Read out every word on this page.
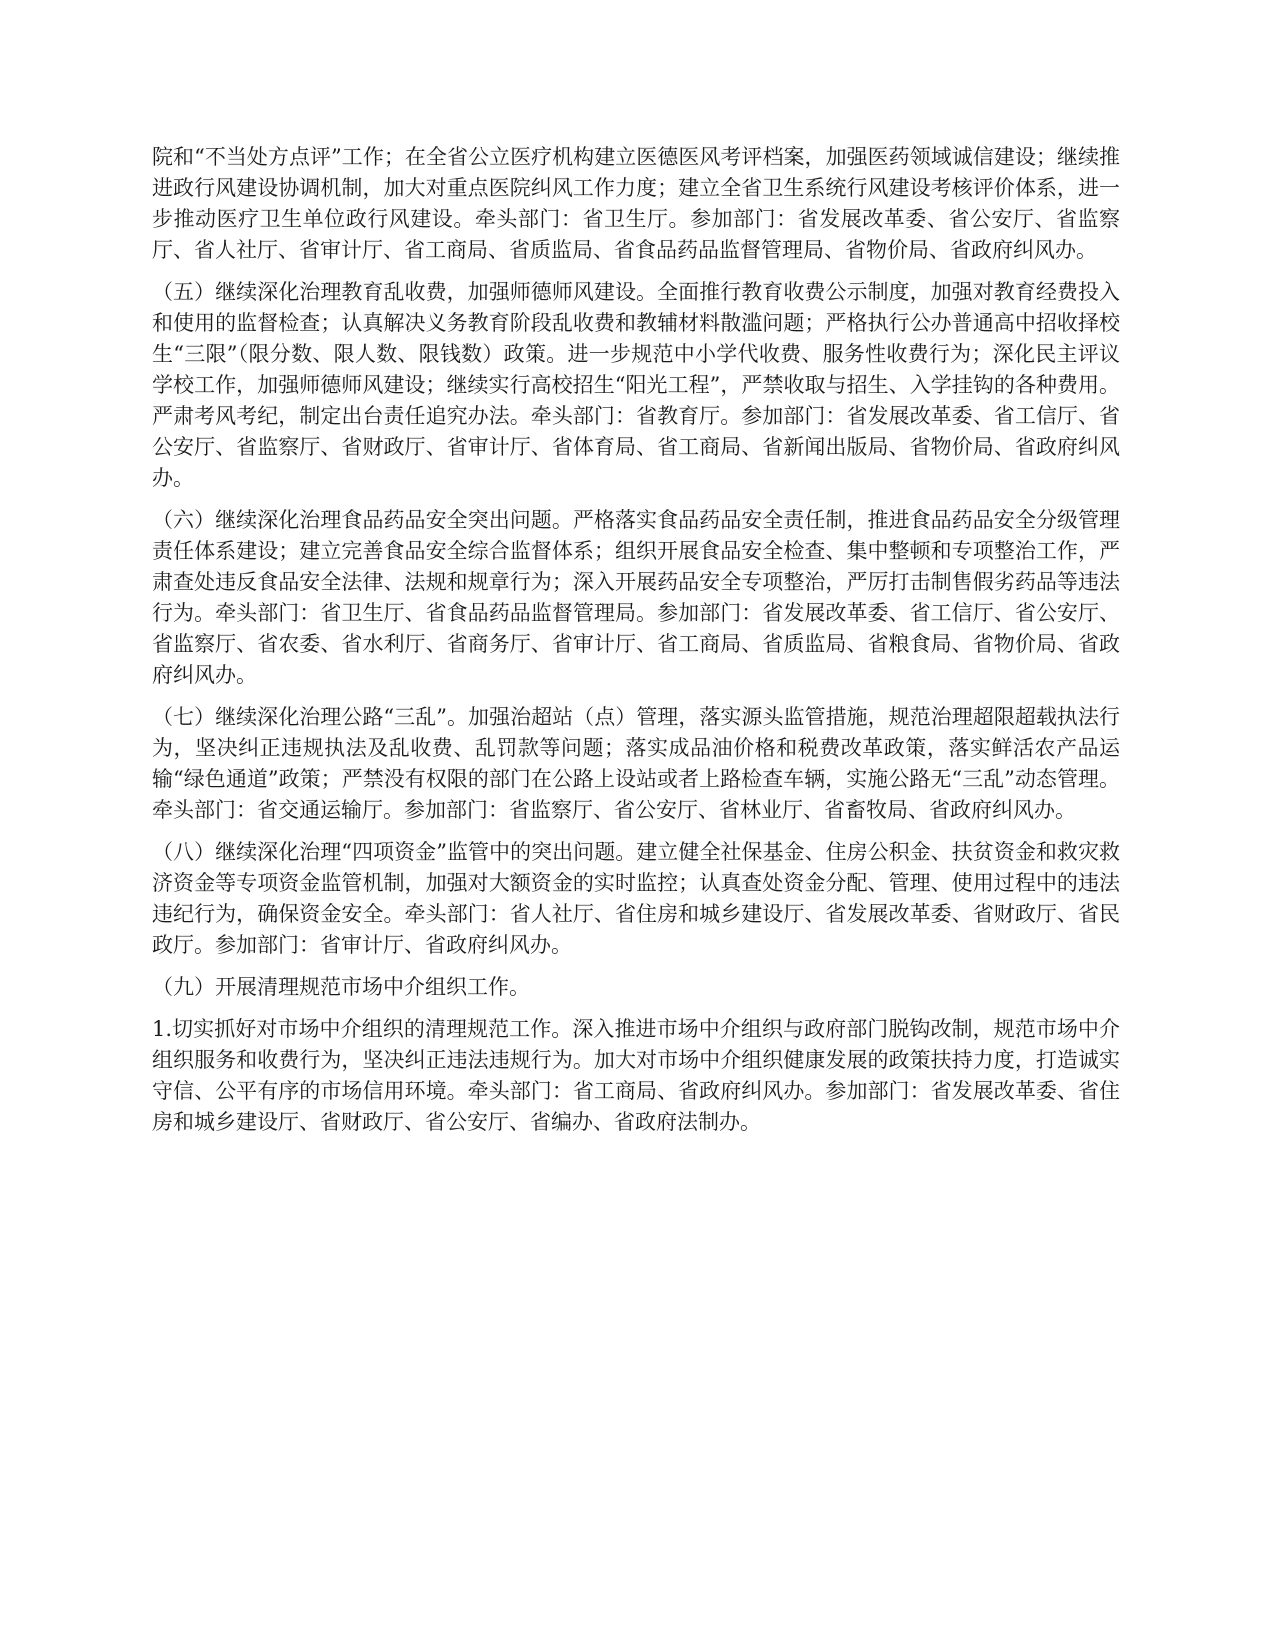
院和“不当处方点评”工作；在全省公立医疗机构建立医德医风考评档案，加强医药领域诚信建设；继续推进政行风建设协调机制，加大对重点医院纠风工作力度；建立全省卫生系统行风建设考核评价体系，进一步推动医疗卫生单位政行风建设。牵头部门：省卫生厅。参加部门：省发展改革委、省公安厅、省监察厅、省人社厅、省审计厅、省工商局、省质监局、省食品药品监督管理局、省物价局、省政府纠风办。

（五）继续深化治理教育乱收费，加强师德师风建设。全面推行教育收费公示制度，加强对教育经费投入和使用的监督检查；认真解决义务教育阶段乱收费和教辅材料散滥问题；严格执行公办普通高中招收择校生“三限”（限分数、限人数、限钱数）政策。进一步规范中小学代收费、服务性收费行为；深化民主评议学校工作，加强师德师风建设；继续实行高校招生“阳光工程”，严禁收取与招生、入学挂钩的各种费用。严肃考风考纪，制定出台责任追究办法。牵头部门：省教育厅。参加部门：省发展改革委、省工信厅、省公安厅、省监察厅、省财政厅、省审计厅、省体育局、省工商局、省新闻出版局、省物价局、省政府纠风办。

（六）继续深化治理食品药品安全突出问题。严格落实食品药品安全责任制，推进食品药品安全分级管理责任体系建设；建立完善食品安全综合监督体系；组织开展食品安全检查、集中整顿和专项整治工作，严肃查处违反食品安全法律、法规和规章行为；深入开展药品安全专项整治，严厉打击制售假劣药品等违法行为。牵头部门：省卫生厅、省食品药品监督管理局。参加部门：省发展改革委、省工信厅、省公安厅、省监察厅、省农委、省水利厅、省商务厅、省审计厅、省工商局、省质监局、省粮食局、省物价局、省政府纠风办。

（七）继续深化治理公路“三乱”。加强治超站（点）管理，落实源头监管措施，规范治理超限超载执法行为，坚决纠正违规执法及乱收费、乱罚款等问题；落实成品油价格和税费改革政策，落实鲜活农产品运输“绿色通道”政策；严禁没有权限的部门在公路上设站或者上路检查车辆，实施公路无“三乱”动态管理。牵头部门：省交通运输厅。参加部门：省监察厅、省公安厅、省林业厅、省畜牧局、省政府纠风办。

（八）继续深化治理“四项资金”监管中的突出问题。建立健全社保基金、住房公积金、扶贫资金和救灾救济资金等专项资金监管机制，加强对大额资金的实时监控；认真查处资金分配、管理、使用过程中的违法违纪行为，确保资金安全。牵头部门：省人社厅、省住房和城乡建设厅、省发展改革委、省财政厅、省民政厅。参加部门：省审计厅、省政府纠风办。

（九）开展清理规范市场中介组织工作。

1.切实抓好对市场中介组织的清理规范工作。深入推进市场中介组织与政府部门脱钩改制，规范市场中介组织服务和收费行为，坚决纠正违法违规行为。加大对市场中介组织健康发展的政策扶持力度，打造诚实守信、公平有序的市场信用环境。牵头部门：省工商局、省政府纠风办。参加部门：省发展改革委、省住房和城乡建设厅、省财政厅、省公安厅、省编办、省政府法制办。
